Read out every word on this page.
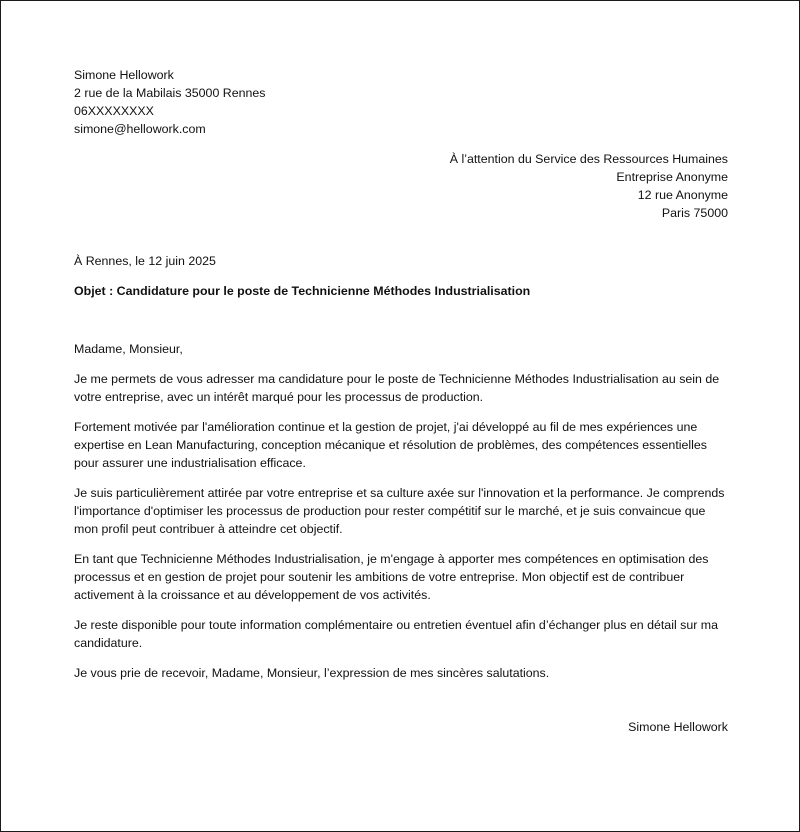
Simone Hellowork
2 rue de la Mabilais 35000 Rennes
06XXXXXXXX
simone@hellowork.com
À l’attention du Service des Ressources Humaines
Entreprise Anonyme
12 rue Anonyme
Paris 75000

À Rennes, le 12 juin 2025

Objet : Candidature pour le poste de Technicienne Méthodes Industrialisation

Madame, Monsieur,

Je me permets de vous adresser ma candidature pour le poste de Technicienne Méthodes Industrialisation au sein de votre entreprise, avec un intérêt marqué pour les processus de production.

Fortement motivée par l'amélioration continue et la gestion de projet, j'ai développé au fil de mes expériences une expertise en Lean Manufacturing, conception mécanique et résolution de problèmes, des compétences essentielles pour assurer une industrialisation efficace.

Je suis particulièrement attirée par votre entreprise et sa culture axée sur l'innovation et la performance. Je comprends l'importance d'optimiser les processus de production pour rester compétitif sur le marché, et je suis convaincue que mon profil peut contribuer à atteindre cet objectif.

En tant que Technicienne Méthodes Industrialisation, je m'engage à apporter mes compétences en optimisation des processus et en gestion de projet pour soutenir les ambitions de votre entreprise. Mon objectif est de contribuer activement à la croissance et au développement de vos activités.

Je reste disponible pour toute information complémentaire ou entretien éventuel afin d’échanger plus en détail sur ma candidature.

Je vous prie de recevoir, Madame, Monsieur, l’expression de mes sincères salutations.

Simone Hellowork
